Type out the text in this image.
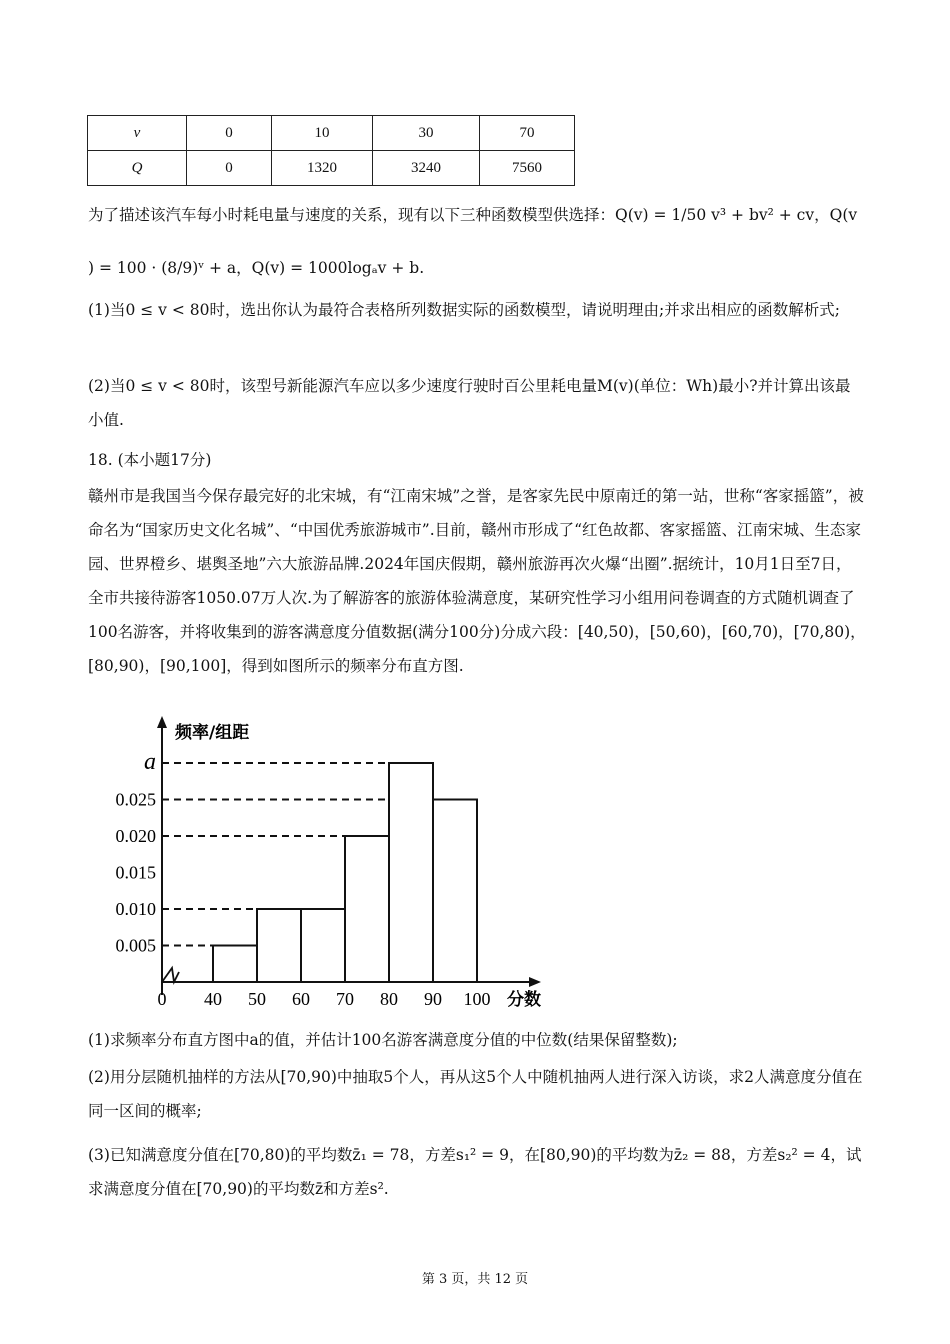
v	0	10	30	70
Q	0	1320	3240	7560
为了描述该汽车每小时耗电量与速度的关系，现有以下三种函数模型供选择：Q(v) = 1/50 v³ + bv² + cv，Q(v
) = 100 · (8/9)ᵛ + a，Q(v) = 1000logₐv + b.
(1)当0 ≤ v < 80时，选出你认为最符合表格所列数据实际的函数模型，请说明理由;并求出相应的函数解析式;
(2)当0 ≤ v < 80时，该型号新能源汽车应以多少速度行驶时百公里耗电量M(v)(单位：Wh)最小?并计算出该最小值.
18. (本小题17分)
赣州市是我国当今保存最完好的北宋城，有“江南宋城”之誉，是客家先民中原南迁的第一站，世称“客家摇篮”，被命名为“国家历史文化名城”、“中国优秀旅游城市”.目前，赣州市形成了“红色故都、客家摇篮、江南宋城、生态家园、世界橙乡、堪舆圣地”六大旅游品牌.2024年国庆假期，赣州旅游再次火爆“出圈”.据统计，10月1日至7日，全市共接待游客1050.07万人次.为了解游客的旅游体验满意度，某研究性学习小组用问卷调查的方式随机调查了100名游客，并将收集到的游客满意度分值数据(满分100分)分成六段：[40,50)，[50,60)，[60,70)，[70,80)，[80,90)，[90,100]，得到如图所示的频率分布直方图.
频率/组距
分数
a
0.025
0.020
0.015
0.010
0.005
0 40 50 60 70 80 90 100
(1)求频率分布直方图中a的值，并估计100名游客满意度分值的中位数(结果保留整数);
(2)用分层随机抽样的方法从[70,90)中抽取5个人，再从这5个人中随机抽两人进行深入访谈，求2人满意度分值在同一区间的概率;
(3)已知满意度分值在[70,80)的平均数z̄₁ = 78，方差s₁² = 9，在[80,90)的平均数为z̄₂ = 88，方差s₂² = 4，试求满意度分值在[70,90)的平均数z̄和方差s².
第 3 页，共 12 页
